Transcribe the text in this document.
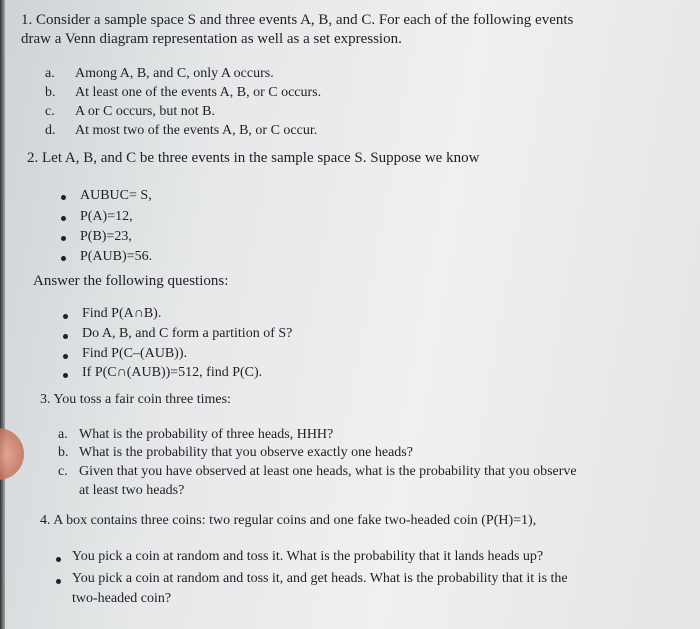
1. Consider a sample space S and three events A, B, and C. For each of the following events
draw a Venn diagram representation as well as a set expression.
a. Among A, B, and C, only A occurs.
b. At least one of the events A, B, or C occurs.
c. A or C occurs, but not B.
d. At most two of the events A, B, or C occur.
2. Let A, B, and C be three events in the sample space S. Suppose we know
AUBUC= S,
P(A)=12,
P(B)=23,
P(AUB)=56.
Answer the following questions:
Find P(A∩B).
Do A, B, and C form a partition of S?
Find P(C–(AUB)).
If P(C∩(AUB))=512, find P(C).
3. You toss a fair coin three times:
a. What is the probability of three heads, HHH?
b. What is the probability that you observe exactly one heads?
c. Given that you have observed at least one heads, what is the probability that you observe
at least two heads?
4. A box contains three coins: two regular coins and one fake two-headed coin (P(H)=1),
You pick a coin at random and toss it. What is the probability that it lands heads up?
You pick a coin at random and toss it, and get heads. What is the probability that it is the
two-headed coin?
